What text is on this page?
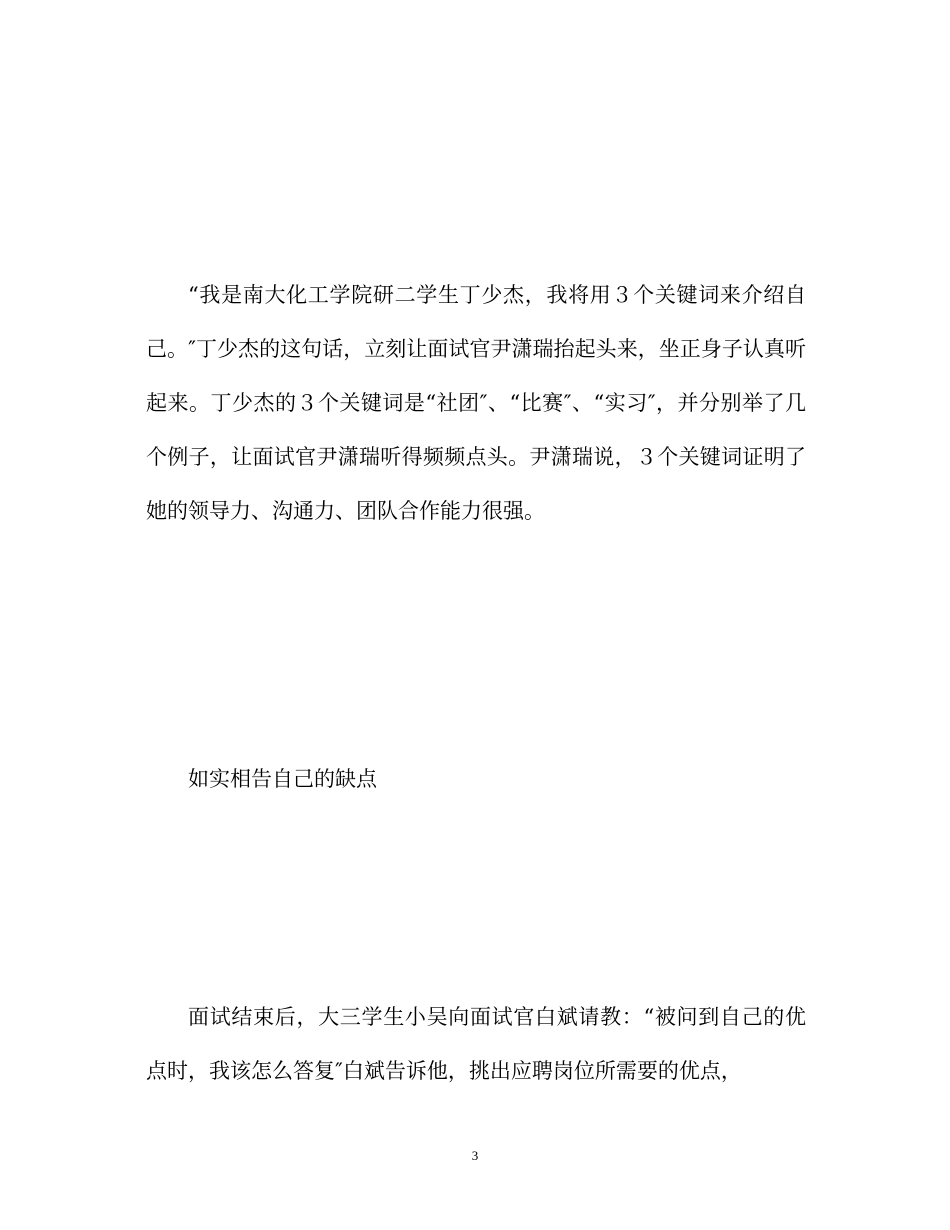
“我是南大化工学院研二学生丁少杰，我将用３个关键词来介绍自己。″丁少杰的这句话，立刻让面试官尹潇瑞抬起头来，坐正身子认真听起来。丁少杰的３个关键词是“社团″、“比赛″、“实习″，并分别举了几个例子，让面试官尹潇瑞听得频频点头。尹潇瑞说，３个关键词证明了她的领导力、沟通力、团队合作能力很强。

如实相告自己的缺点

面试结束后，大三学生小吴向面试官白斌请教：“被问到自己的优点时，我该怎么答复″白斌告诉他，挑出应聘岗位所需要的优点，

3
